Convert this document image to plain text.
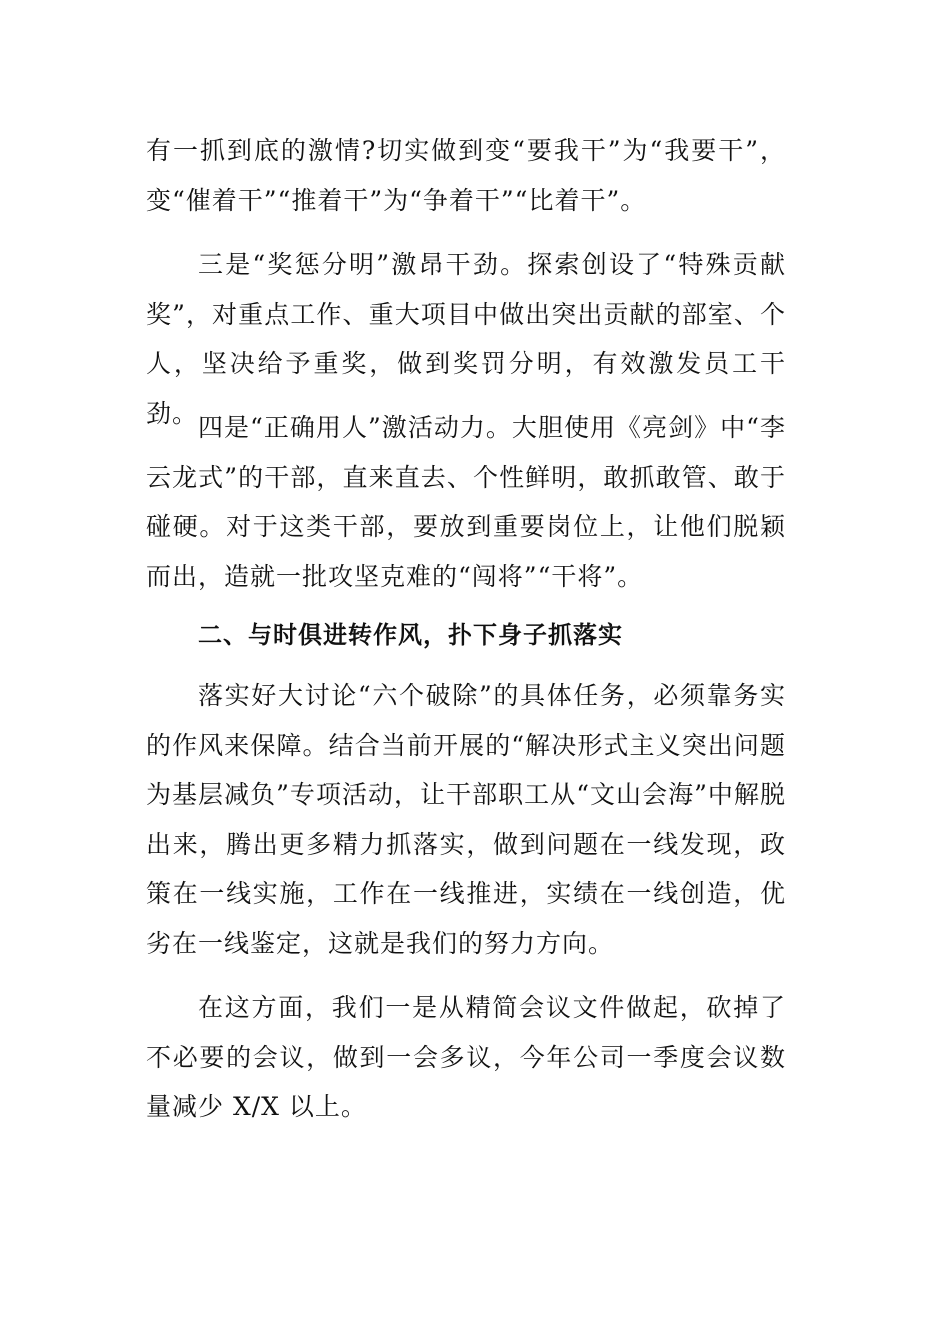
有一抓到底的激情?切实做到变“要我干”为“我要干”，变“催着干”“推着干”为“争着干”“比着干”。

三是“奖惩分明”激昂干劲。探索创设了“特殊贡献奖”，对重点工作、重大项目中做出突出贡献的部室、个人，坚决给予重奖，做到奖罚分明，有效激发员工干劲。 四是“正确用人”激活动力。大胆使用《亮剑》中“李云龙式”的干部，直来直去、个性鲜明，敢抓敢管、敢于碰硬。对于这类干部，要放到重要岗位上，让他们脱颖而出，造就一批攻坚克难的“闯将”“干将”。

二、与时俱进转作风，扑下身子抓落实

落实好大讨论“六个破除”的具体任务，必须靠务实的作风来保障。结合当前开展的“解决形式主义突出问题为基层减负”专项活动，让干部职工从“文山会海”中解脱出来，腾出更多精力抓落实，做到问题在一线发现，政策在一线实施，工作在一线推进，实绩在一线创造，优劣在一线鉴定，这就是我们的努力方向。

在这方面，我们一是从精简会议文件做起，砍掉了不必要的会议，做到一会多议，今年公司一季度会议数量减少 X/X 以上。
